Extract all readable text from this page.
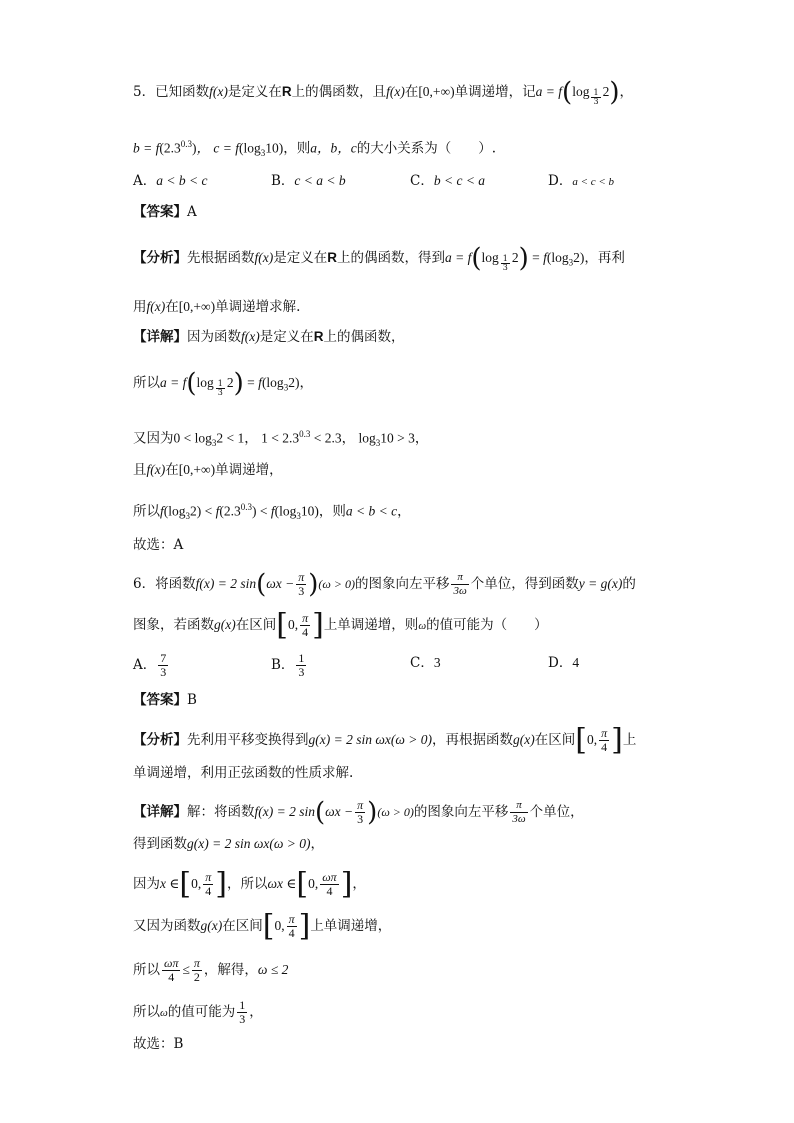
5．已知函数f(x)是定义在R上的偶函数，且f(x)在[0,+∞)单调递增，记$a = f(\log \frac{1}{3} 2)$，
$b = f(2.3^{0.3})$， $c = f(\log_310)$，则a，b，c的大小关系为（　　）.
A．a < b < c	B．c < a < b	C．b < c < a	D．a < c < b
【答案】A
【分析】先根据函数f(x)是定义在R上的偶函数，得到$a = f(\log \frac{1}{3} 2) = f(\log_32)$，再利
用f(x)在[0,+∞)单调递增求解.
【详解】因为函数f(x)是定义在R上的偶函数，
所以$a = f(\log \frac{1}{3} 2) = f(\log_32)$，
又因为$0 < \log_32 < 1$， $1 < 2.3^{0.3} < 2.3$， $\log_310 > 3$，
且f(x)在[0,+∞)单调递增，
所以$f(\log_32) < f(2.3^{0.3}) < f(\log_310)$，则a < b < c，
故选：A
6．将函数f(x) = 2 $\sin(\omega x - \frac{\pi}{3} )(\omega > 0)$的图象向左平移 $\frac{\pi}{3\omega}$ 个单位，得到函数y = g(x)的
图象，若函数g(x)在区间[0, $\frac{\pi}{4}$ ]上单调递增，则ω的值可能为（　　）
A． $\frac{7}{3}$	B． $\frac{1}{3}$	C．3	D．4
【答案】B
【分析】先利用平移变换得到g(x) = 2 sin ωx(ω > 0)，再根据函数g(x)在区间[0, $\frac{\pi}{4}$ ]上
单调递增，利用正弦函数的性质求解.
【详解】解：将函数f(x) = 2 $\sin(\omega x - \frac{\pi}{3} )(\omega > 0)$的图象向左平移 $\frac{\pi}{3\omega}$ 个单位，
得到函数g(x) = 2 sin ωx(ω > 0)，
因为x ∈[0, $\frac{\pi}{4}$ ]，所以ωx ∈[0, $\frac{\omega\pi}{4}$ ]，
又因为函数g(x)在区间[0, $\frac{\pi}{4}$ ]上单调递增，
所以 $\frac{\omega\pi}{4} \le \frac{\pi}{2}$ ，解得，ω ≤ 2
所以ω的值可能为 $\frac{1}{3}$ ，
故选：B
